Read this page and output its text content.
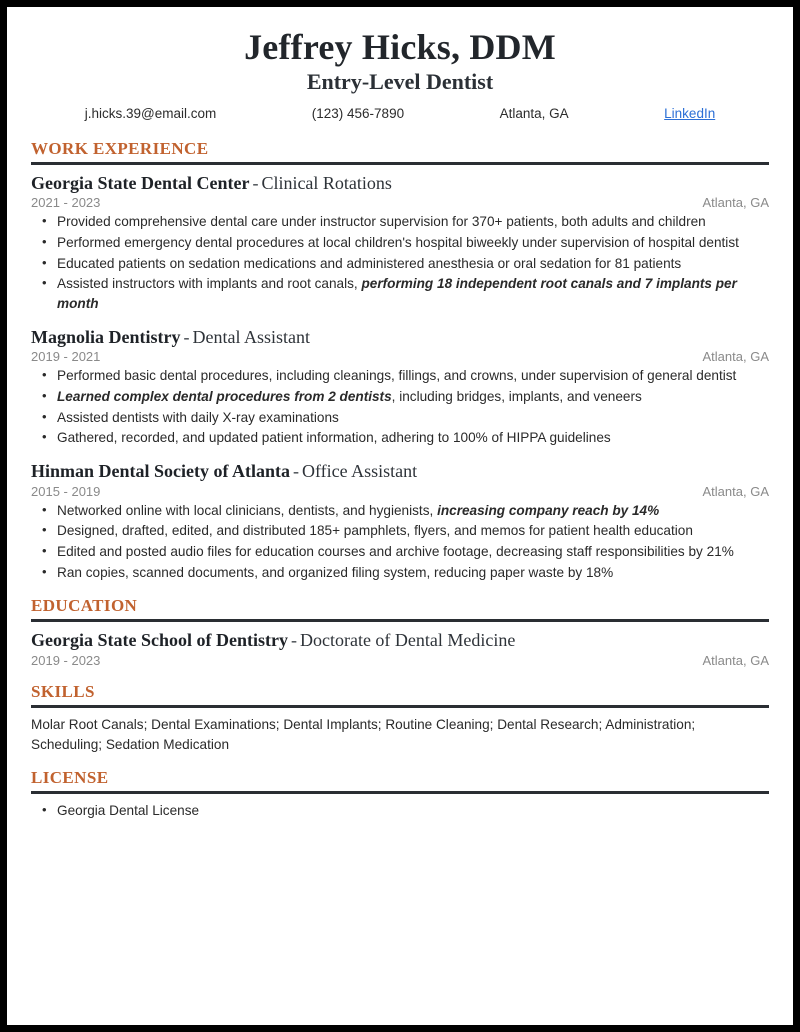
Jeffrey Hicks, DDM
Entry-Level Dentist
j.hicks.39@email.com	(123) 456-7890	Atlanta, GA	LinkedIn
WORK EXPERIENCE
Georgia State Dental Center - Clinical Rotations
2021 - 2023	Atlanta, GA
• Provided comprehensive dental care under instructor supervision for 370+ patients, both adults and children
• Performed emergency dental procedures at local children's hospital biweekly under supervision of hospital dentist
• Educated patients on sedation medications and administered anesthesia or oral sedation for 81 patients
• Assisted instructors with implants and root canals, performing 18 independent root canals and 7 implants per month
Magnolia Dentistry - Dental Assistant
2019 - 2021	Atlanta, GA
• Performed basic dental procedures, including cleanings, fillings, and crowns, under supervision of general dentist
• Learned complex dental procedures from 2 dentists, including bridges, implants, and veneers
• Assisted dentists with daily X-ray examinations
• Gathered, recorded, and updated patient information, adhering to 100% of HIPPA guidelines
Hinman Dental Society of Atlanta - Office Assistant
2015 - 2019	Atlanta, GA
• Networked online with local clinicians, dentists, and hygienists, increasing company reach by 14%
• Designed, drafted, edited, and distributed 185+ pamphlets, flyers, and memos for patient health education
• Edited and posted audio files for education courses and archive footage, decreasing staff responsibilities by 21%
• Ran copies, scanned documents, and organized filing system, reducing paper waste by 18%
EDUCATION
Georgia State School of Dentistry - Doctorate of Dental Medicine
2019 - 2023	Atlanta, GA
SKILLS
Molar Root Canals; Dental Examinations; Dental Implants; Routine Cleaning; Dental Research; Administration; Scheduling; Sedation Medication
LICENSE
• Georgia Dental License
